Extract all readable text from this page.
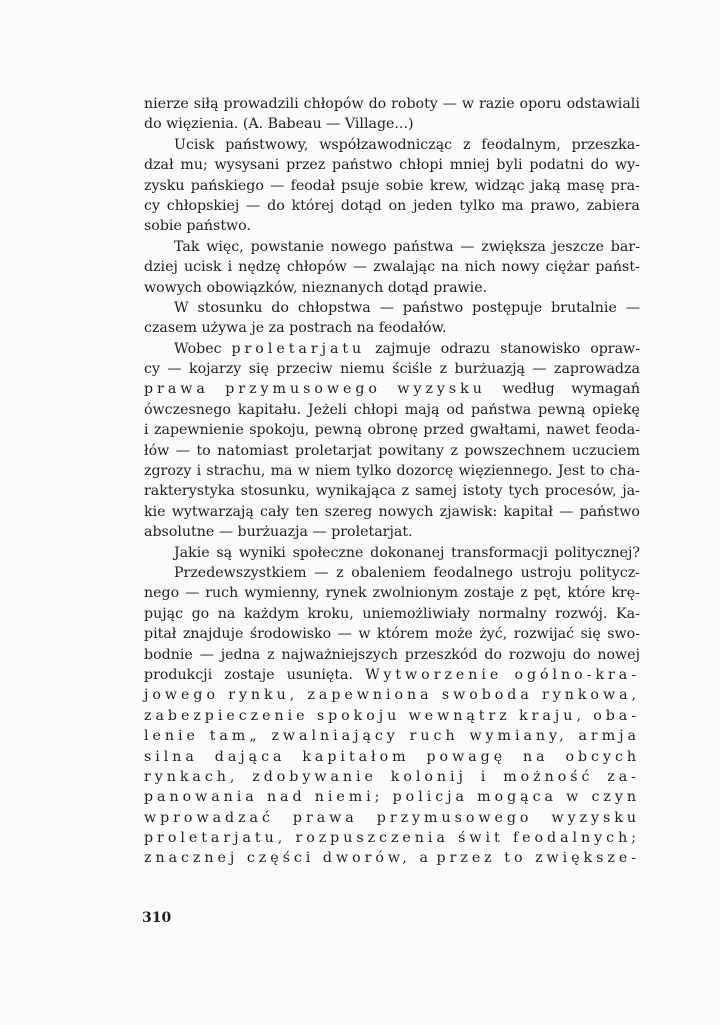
nierze siłą prowadzili chłopów do roboty — w razie oporu odstawiali
do więzienia. (A. Babeau — Village...)
Ucisk państwowy, współzawodnicząc z feodalnym, przeszka-
dzał mu; wysysani przez państwo chłopi mniej byli podatni do wy-
zysku pańskiego — feodał psuje sobie krew, widząc jaką masę pra-
cy chłopskiej — do której dotąd on jeden tylko ma prawo, zabiera
sobie państwo.
Tak więc, powstanie nowego państwa — zwiększa jeszcze bar-
dziej ucisk i nędzę chłopów — zwalając na nich nowy ciężar państ-
wowych obowiązków, nieznanych dotąd prawie.
W stosunku do chłopstwa — państwo postępuje brutalnie —
czasem używa je za postrach na feodałów.
Wobec proletarjatu zajmuje odrazu stanowisko opraw-
cy — kojarzy się przeciw niemu ściśle z burżuazją — zaprowadza
prawa przymusowego wyzysku według wymagań
ówczesnego kapitału. Jeżeli chłopi mają od państwa pewną opiekę
i zapewnienie spokoju, pewną obronę przed gwałtami, nawet feoda-
łów — to natomiast proletarjat powitany z powszechnem uczuciem
zgrozy i strachu, ma w niem tylko dozorcę więziennego. Jest to cha-
rakterystyka stosunku, wynikająca z samej istoty tych procesów, ja-
kie wytwarzają cały ten szereg nowych zjawisk: kapitał — państwo
absolutne — burżuazja — proletarjat.
Jakie są wyniki społeczne dokonanej transformacji politycznej?
Przedewszystkiem — z obaleniem feodalnego ustroju politycz-
nego — ruch wymienny, rynek zwolnionym zostaje z pęt, które krę-
pując go na każdym kroku, uniemożliwiały normalny rozwój. Ka-
pitał znajduje środowisko — w którem może żyć, rozwijać się swo-
bodnie — jedna z najważniejszych przeszkód do rozwoju do nowej
produkcji zostaje usunięta. Wytworzenie ogólno-kra-
jowego rynku, zapewniona swoboda rynkowa,
zabezpieczenie spokoju wewnątrz kraju, oba-
lenie tam„ zwalniający ruch wymiany, armja
silna dająca kapitałom powagę na obcych
rynkach, zdobywanie kolonij i możność za-
panowania nad niemi; policja mogąca w czyn
wprowadzać prawa przymusowego wyzysku
proletarjatu, rozpuszczenia świt feodalnych;
znacznej części dworów, a przez to zwiększe-
310
